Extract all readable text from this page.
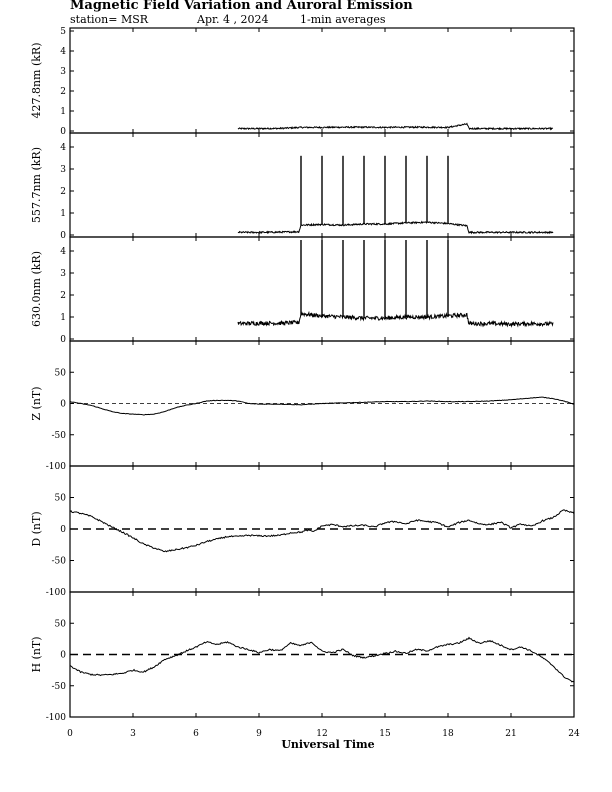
Magnetic Field Variation and Auroral Emission
station= MSR	Apr. 4 , 2024	1-min averages
0
1
2
3
4
5
427.8nm (kR)
0
1
2
3
4
557.7nm (kR)
0
1
2
3
4
630.0nm (kR)
-100
-50
0
50
Z (nT)
-100
-50
0
50
D (nT)
-100
-50
0
50
H (nT)
0	3	6	9	12	15	18	21	24
Universal Time
